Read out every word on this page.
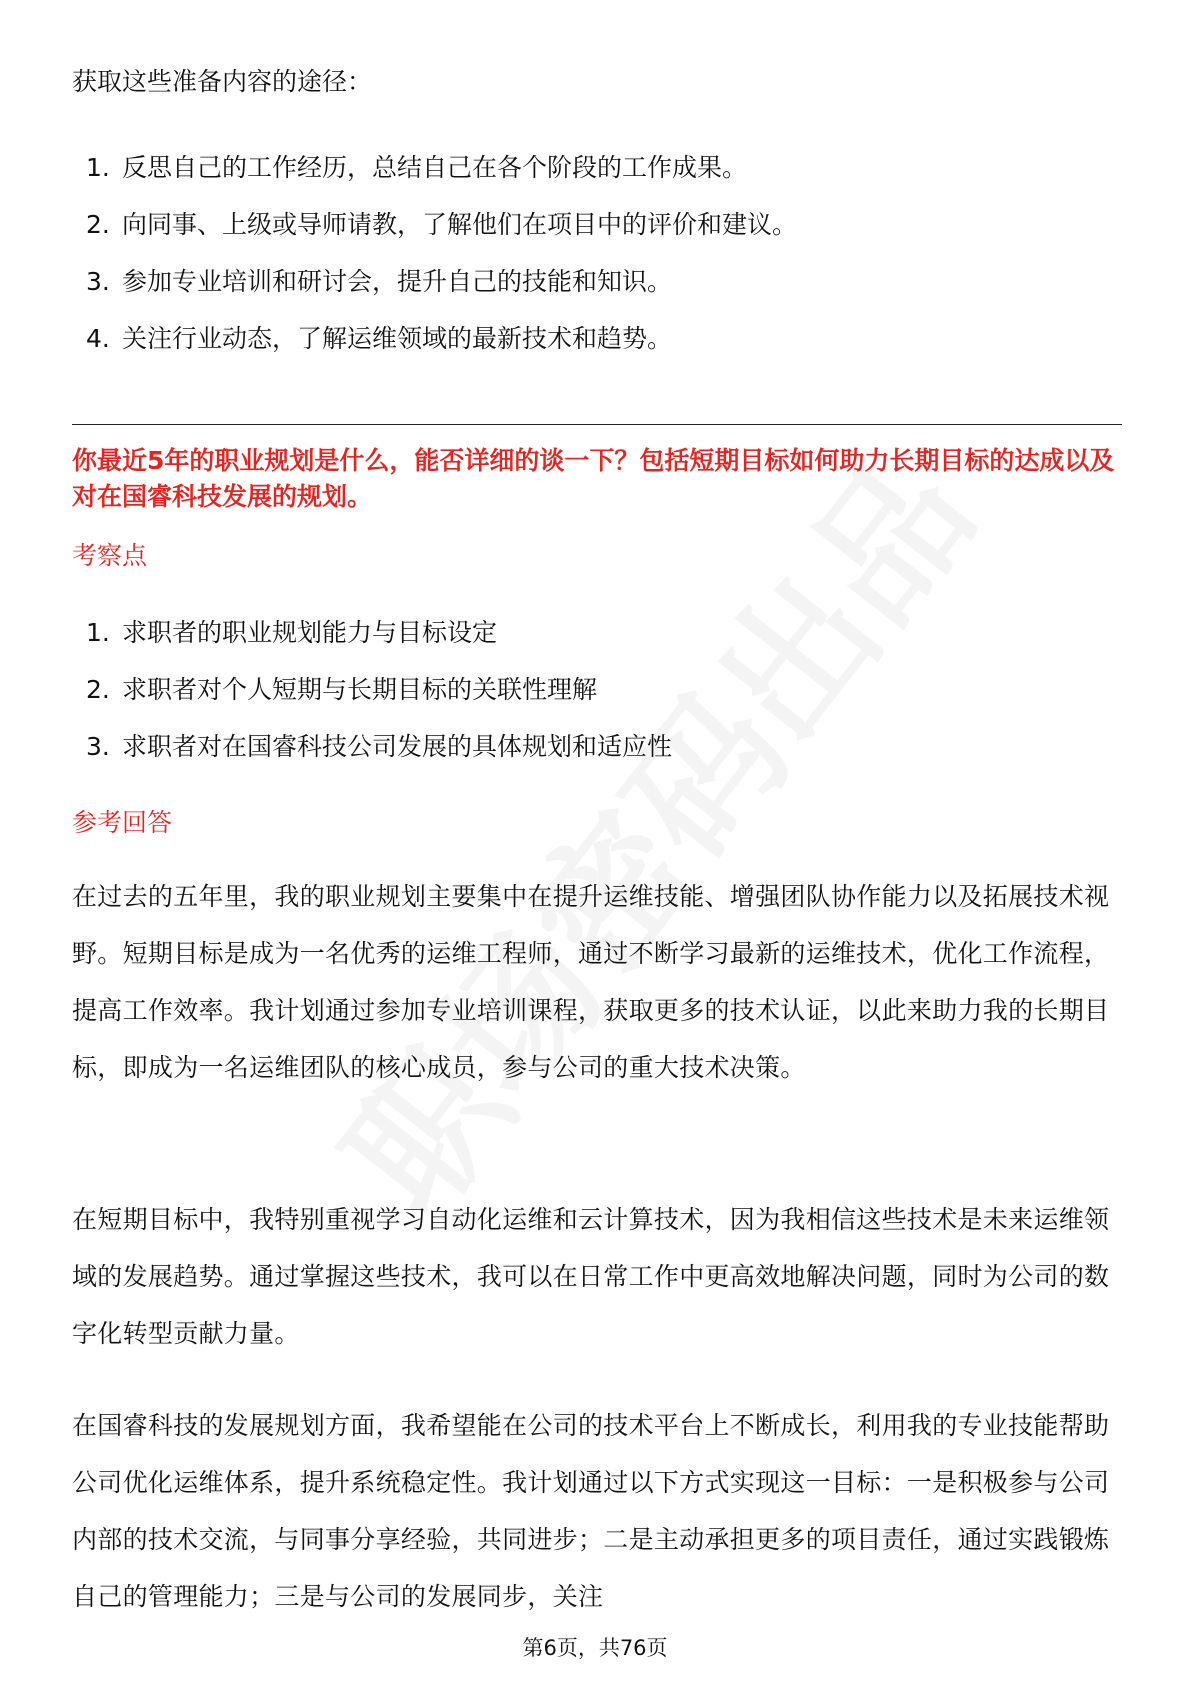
获取这些准备内容的途径：
1. 反思自己的工作经历，总结自己在各个阶段的工作成果。
2. 向同事、上级或导师请教，了解他们在项目中的评价和建议。
3. 参加专业培训和研讨会，提升自己的技能和知识。
4. 关注行业动态，了解运维领域的最新技术和趋势。
你最近5年的职业规划是什么，能否详细的谈一下？包括短期目标如何助力长期目标的达成以及对在国睿科技发展的规划。
考察点
1. 求职者的职业规划能力与目标设定
2. 求职者对个人短期与长期目标的关联性理解
3. 求职者对在国睿科技公司发展的具体规划和适应性
参考回答

在过去的五年里，我的职业规划主要集中在提升运维技能、增强团队协作能力以及拓展技术视野。短期目标是成为一名优秀的运维工程师，通过不断学习最新的运维技术，优化工作流程，提高工作效率。我计划通过参加专业培训课程，获取更多的技术认证，以此来助力我的长期目标，即成为一名运维团队的核心成员，参与公司的重大技术决策。

在短期目标中，我特别重视学习自动化运维和云计算技术，因为我相信这些技术是未来运维领域的发展趋势。通过掌握这些技术，我可以在日常工作中更高效地解决问题，同时为公司的数字化转型贡献力量。

在国睿科技的发展规划方面，我希望能在公司的技术平台上不断成长，利用我的专业技能帮助公司优化运维体系，提升系统稳定性。我计划通过以下方式实现这一目标：一是积极参与公司内部的技术交流，与同事分享经验，共同进步；二是主动承担更多的项目责任，通过实践锻炼自己的管理能力；三是与公司的发展同步，关注

第6页，共76页
